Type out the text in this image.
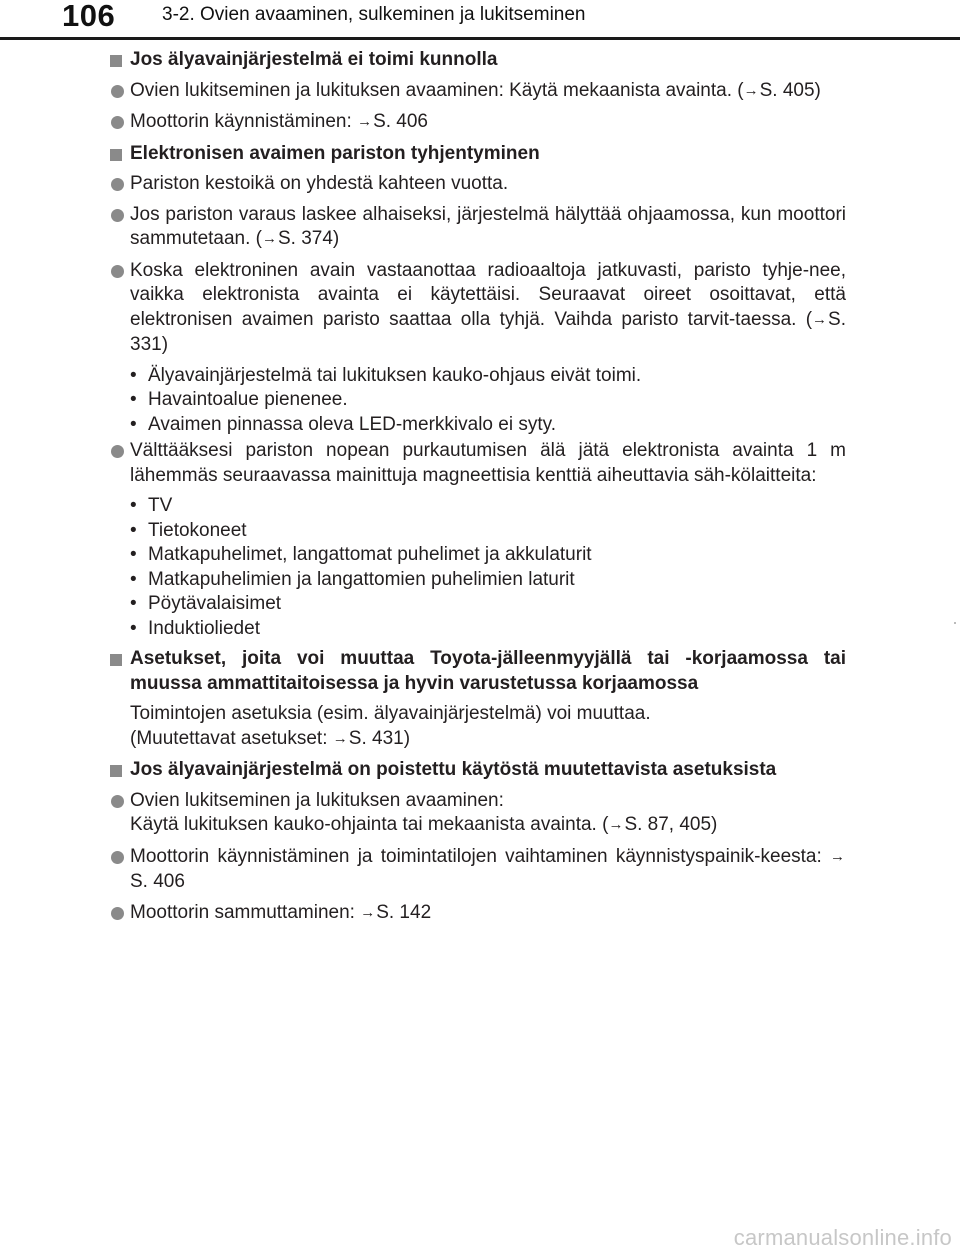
106 3-2. Ovien avaaminen, sulkeminen ja lukitseminen
Jos älyavainjärjestelmä ei toimi kunnolla
Ovien lukitseminen ja lukituksen avaaminen: Käytä mekaanista avainta. (→S. 405)
Moottorin käynnistäminen: →S. 406
Elektronisen avaimen pariston tyhjentyminen
Pariston kestoikä on yhdestä kahteen vuotta.
Jos pariston varaus laskee alhaiseksi, järjestelmä hälyttää ohjaamossa, kun moottori sammutetaan. (→S. 374)
Koska elektroninen avain vastaanottaa radioaaltoja jatkuvasti, paristo tyhje-nee, vaikka elektronista avainta ei käytettäisi. Seuraavat oireet osoittavat, että elektronisen avaimen paristo saattaa olla tyhjä. Vaihda paristo tarvit-taessa. (→S. 331)
• Älyavainjärjestelmä tai lukituksen kauko-ohjaus eivät toimi.
• Havaintoalue pienenee.
• Avaimen pinnassa oleva LED-merkkivalo ei syty.
Välttääksesi pariston nopean purkautumisen älä jätä elektronista avainta 1 m lähemmäs seuraavassa mainittuja magneettisia kenttiä aiheuttavia säh-kölaitteita:
• TV
• Tietokoneet
• Matkapuhelimet, langattomat puhelimet ja akkulaturit
• Matkapuhelimien ja langattomien puhelimien laturit
• Pöytävalaisimet
• Induktioliedet
Asetukset, joita voi muuttaa Toyota-jälleenmyyjällä tai -korjaamossa tai muussa ammattitaitoisessa ja hyvin varustetussa korjaamossa
Toimintojen asetuksia (esim. älyavainjärjestelmä) voi muuttaa.
(Muutettavat asetukset: →S. 431)
Jos älyavainjärjestelmä on poistettu käytöstä muutettavista asetuksista
Ovien lukitseminen ja lukituksen avaaminen:
Käytä lukituksen kauko-ohjainta tai mekaanista avainta. (→S. 87, 405)
Moottorin käynnistäminen ja toimintatilojen vaihtaminen käynnistyspainik-keesta: →S. 406
Moottorin sammuttaminen: →S. 142
carmanualsonline.info
